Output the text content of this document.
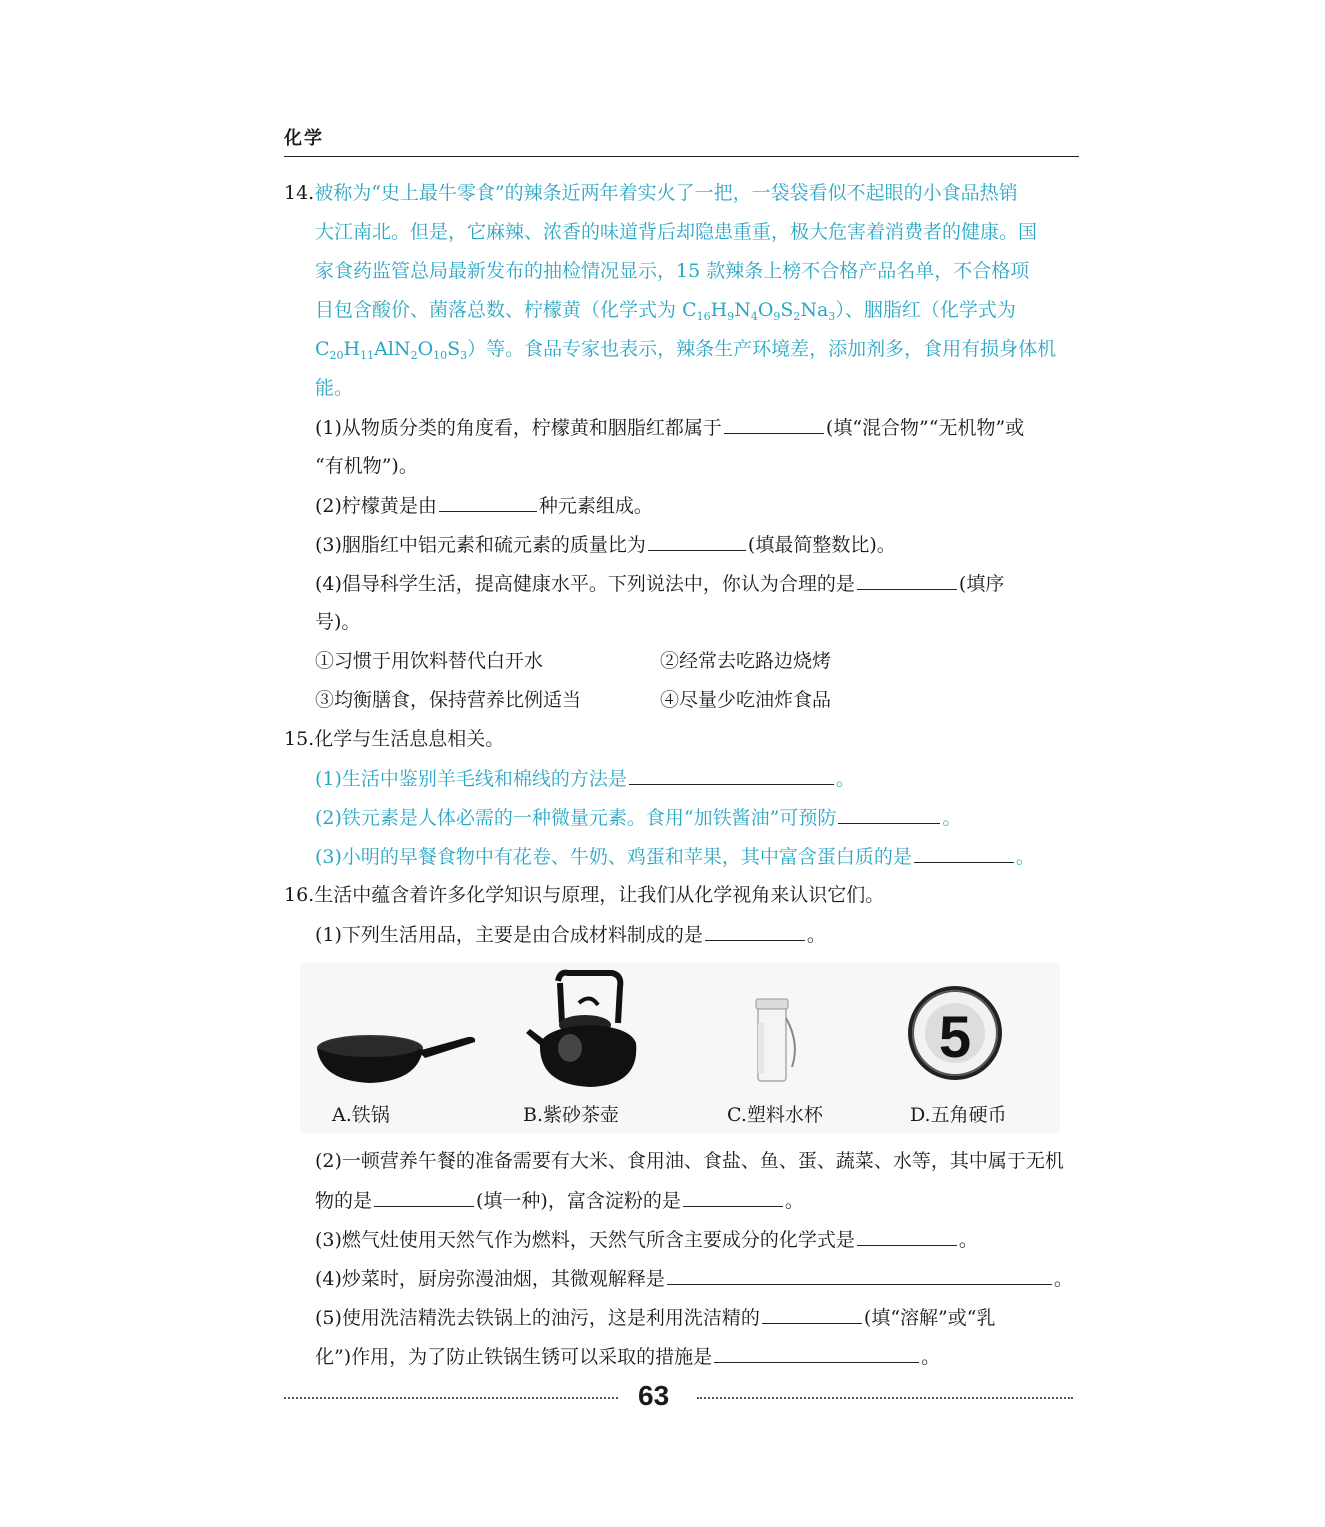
化学
14.被称为“史上最牛零食”的辣条近两年着实火了一把，一袋袋看似不起眼的小食品热销
大江南北。但是，它麻辣、浓香的味道背后却隐患重重，极大危害着消费者的健康。国
家食药监管总局最新发布的抽检情况显示，15 款辣条上榜不合格产品名单，不合格项
目包含酸价、菌落总数、柠檬黄（化学式为 $C_{16}H_9N_4O_9S_2Na_3$）、胭脂红（化学式为
$C_{20}H_{11}AlN_2O_{10}S_3$）等。食品专家也表示，辣条生产环境差，添加剂多，食用有损身体机
能。
(1)从物质分类的角度看，柠檬黄和胭脂红都属于	(填“混合物”“无机物”或
“有机物”)。
(2)柠檬黄是由	种元素组成。
(3)胭脂红中铝元素和硫元素的质量比为	(填最简整数比)。
(4)倡导科学生活，提高健康水平。下列说法中，你认为合理的是	(填序
号)。
①习惯于用饮料替代白开水	②经常去吃路边烧烤
③均衡膳食，保持营养比例适当	④尽量少吃油炸食品
15.化学与生活息息相关。
(1)生活中鉴别羊毛线和棉线的方法是	。
(2)铁元素是人体必需的一种微量元素。食用“加铁酱油”可预防	。
(3)小明的早餐食物中有花卷、牛奶、鸡蛋和苹果，其中富含蛋白质的是	。
16.生活中蕴含着许多化学知识与原理，让我们从化学视角来认识它们。
(1)下列生活用品，主要是由合成材料制成的是	。
5
A.铁锅	B.紫砂茶壶	C.塑料水杯	D.五角硬币
(2)一顿营养午餐的准备需要有大米、食用油、食盐、鱼、蛋、蔬菜、水等，其中属于无机
物的是	(填一种)，富含淀粉的是	。
(3)燃气灶使用天然气作为燃料，天然气所含主要成分的化学式是	。
(4)炒菜时，厨房弥漫油烟，其微观解释是	。
(5)使用洗洁精洗去铁锅上的油污，这是利用洗洁精的	(填“溶解”或“乳
化”)作用，为了防止铁锅生锈可以采取的措施是	。
63
